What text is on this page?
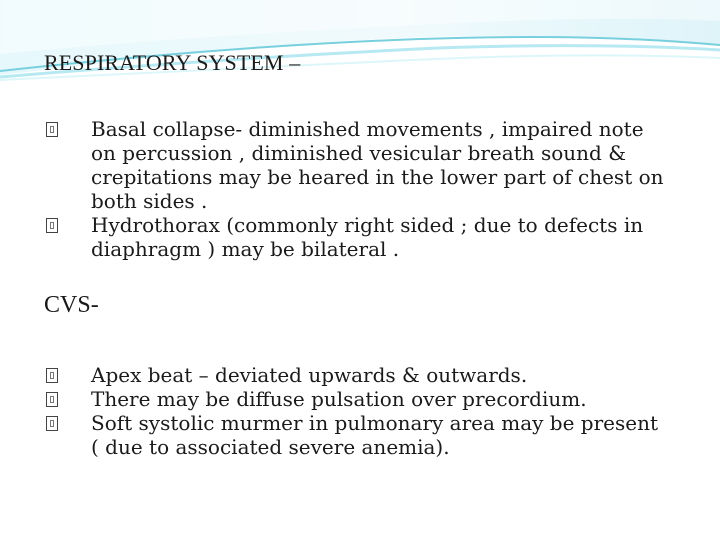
RESPIRATORY SYSTEM –
Basal collapse- diminished movements , impaired note
on percussion , diminished vesicular breath sound &
crepitations may be heared in the lower part of chest on
both sides .
Hydrothorax (commonly right sided ; due to defects in
diaphragm ) may be bilateral .
CVS-
Apex beat – deviated upwards & outwards.
There may be diffuse pulsation over precordium.
Soft systolic murmer in pulmonary area may be present
( due to associated severe anemia).
